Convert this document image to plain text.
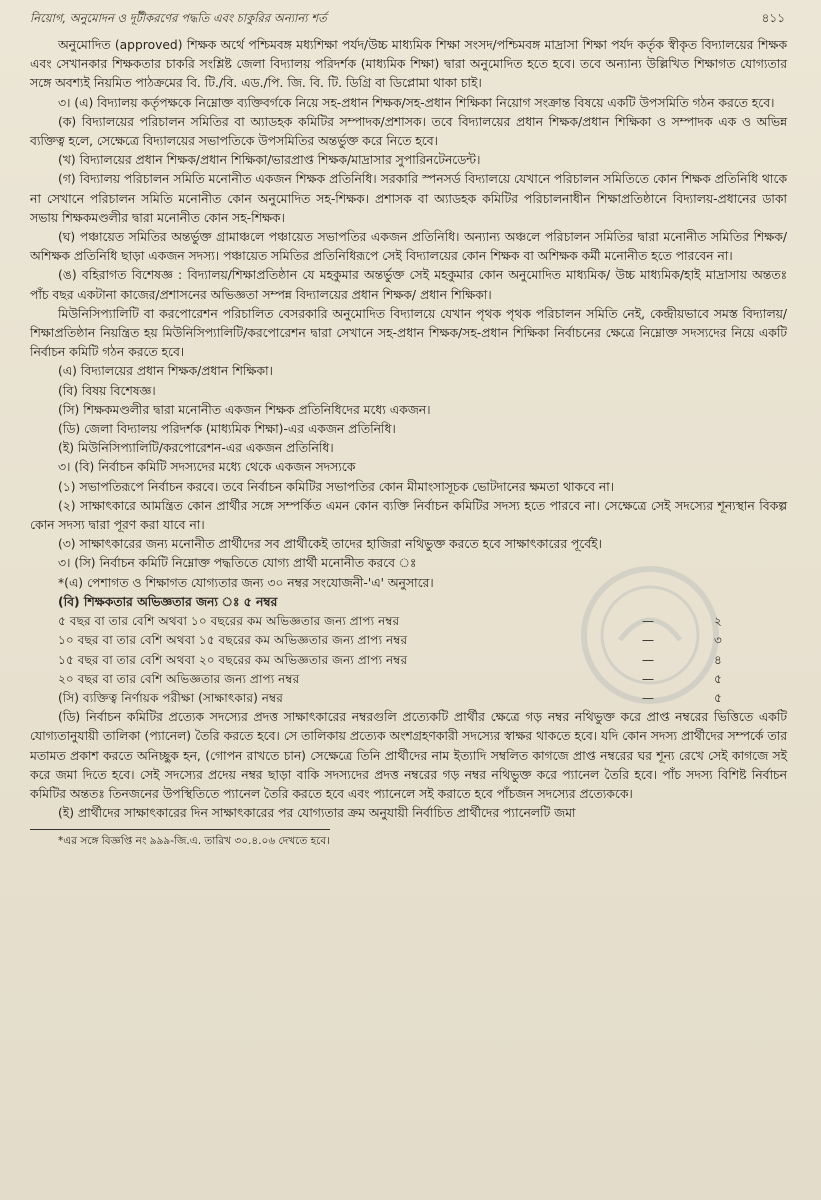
নিয়োগ, অনুমোদন ও দূটীকরণের পদ্ধতি এবং চাকুরির অন্যান্য শর্ত	৪১১

অনুমোদিত (approved) শিক্ষক অর্থে পশ্চিমবঙ্গ মধ্যশিক্ষা পর্যদ/উচ্চ মাধ্যমিক শিক্ষা সংসদ/পশ্চিমবঙ্গ মাদ্রাসা শিক্ষা পর্যদ কর্তৃক স্বীকৃত বিদ্যালয়ের শিক্ষক এবং সেখানকার শিক্ষকতার চাকরি সংশ্লিষ্ট জেলা বিদ্যালয় পরিদর্শক (মাধ্যমিক শিক্ষা) দ্বারা অনুমোদিত হতে হবে। তবে অন্যান্য উল্লিখিত শিক্ষাগত যোগ্যতার সঙ্গে অবশ্যই নিয়মিত পাঠক্রমের বি. টি./বি. এড./পি. জি. বি. টি. ডিগ্রি বা ডিপ্লোমা থাকা চাই।

৩। (এ) বিদ্যালয় কর্তৃপক্ষকে নিম্নোক্ত ব্যক্তিবর্গকে নিয়ে সহ-প্রধান শিক্ষক/সহ-প্রধান শিক্ষিকা নিয়োগ সংক্রান্ত বিষয়ে একটি উপসমিতি গঠন করতে হবে।

(ক) বিদ্যালয়ের পরিচালন সমিতির বা অ্যাডহক কমিটির সম্পাদক/প্রশাসক। তবে বিদ্যালয়ের প্রধান শিক্ষক/প্রধান শিক্ষিকা ও সম্পাদক এক ও অভিন্ন ব্যক্তিত্ব হলে, সেক্ষেত্রে বিদ্যালয়ের সভাপতিকে উপসমিতির অন্তর্ভুক্ত করে নিতে হবে।

(খ) বিদ্যালয়ের প্রধান শিক্ষক/প্রধান শিক্ষিকা/ভারপ্রাপ্ত শিক্ষক/মাদ্রাসার সুপারিনটেনডেন্ট।

(গ) বিদ্যালয় পরিচালন সমিতি মনোনীত একজন শিক্ষক প্রতিনিধি। সরকারি স্পনসর্ড বিদ্যালয়ে যেখানে পরিচালন সমিতিতে কোন শিক্ষক প্রতিনিধি থাকে না সেখানে পরিচালন সমিতি মনোনীত কোন অনুমোদিত সহ-শিক্ষক। প্রশাসক বা অ্যাডহক কমিটির পরিচালনাধীন শিক্ষাপ্রতিষ্ঠানে বিদ্যালয়-প্রধানের ডাকা সভায় শিক্ষকমণ্ডলীর দ্বারা মনোনীত কোন সহ-শিক্ষক।

(ঘ) পঞ্চায়েত সমিতির অন্তর্ভুক্ত গ্রামাঞ্চলে পঞ্চায়েত সভাপতির একজন প্রতিনিধি। অন্যান্য অঞ্চলে পরিচালন সমিতির দ্বারা মনোনীত সমিতির শিক্ষক/অশিক্ষক প্রতিনিধি ছাড়া একজন সদস্য। পঞ্চায়েত সমিতির প্রতিনিধিরূপে সেই বিদ্যালয়ের কোন শিক্ষক বা অশিক্ষক কর্মী মনোনীত হতে পারবেন না।

(ঙ) বহিরাগত বিশেষজ্ঞ : বিদ্যালয়/শিক্ষাপ্রতিষ্ঠান যে মহকুমার অন্তর্ভুক্ত সেই মহকুমার কোন অনুমোদিত মাধ্যমিক/ উচ্চ মাধ্যমিক/হাই মাদ্রাসায় অন্ততঃ পাঁচ বছর একটানা কাজের/প্রশাসনের অভিজ্ঞতা সম্পন্ন বিদ্যালয়ের প্রধান শিক্ষক/ প্রধান শিক্ষিকা।

মিউনিসিপ্যালিটি বা করপোরেশন পরিচালিত বেসরকারি অনুমোদিত বিদ্যালয়ে যেখান পৃথক পৃথক পরিচালন সমিতি নেই, কেন্দ্রীয়ভাবে সমস্ত বিদ্যালয়/শিক্ষাপ্রতিষ্ঠান নিয়ন্ত্রিত হয় মিউনিসিপ্যালিটি/করপোরেশন দ্বারা সেখানে সহ-প্রধান শিক্ষক/সহ-প্রধান শিক্ষিকা নির্বাচনের ক্ষেত্রে নিম্নোক্ত সদস্যদের নিয়ে একটি নির্বাচন কমিটি গঠন করতে হবে।

(এ) বিদ্যালয়ের প্রধান শিক্ষক/প্রধান শিক্ষিকা।

(বি) বিষয় বিশেষজ্ঞ।

(সি) শিক্ষকমণ্ডলীর দ্বারা মনোনীত একজন শিক্ষক প্রতিনিধিদের মধ্যে একজন।

(ডি) জেলা বিদ্যালয় পরিদর্শক (মাধ্যমিক শিক্ষা)-এর একজন প্রতিনিধি।

(ই) মিউনিসিপ্যালিটি/করপোরেশন-এর একজন প্রতিনিধি।

৩। (বি) নির্বাচন কমিটি সদস্যদের মধ্যে থেকে একজন সদস্যকে

(১) সভাপতিরূপে নির্বাচন করবে। তবে নির্বাচন কমিটির সভাপতির কোন মীমাংসাসূচক ভোটদানের ক্ষমতা থাকবে না।

(২) সাক্ষাৎকারে আমন্ত্রিত কোন প্রার্থীর সঙ্গে সম্পর্কিত এমন কোন ব্যক্তি নির্বাচন কমিটির সদস্য হতে পারবে না। সেক্ষেত্রে সেই সদস্যের শূন্যস্থান বিকল্প কোন সদস্য দ্বারা পূরণ করা যাবে না।

(৩) সাক্ষাৎকারের জন্য মনোনীত প্রার্থীদের সব প্রার্থীকেই তাদের হাজিরা নথিভুক্ত করতে হবে সাক্ষাৎকারের পূর্বেই।

৩। (সি) নির্বাচন কমিটি নিম্নোক্ত পদ্ধতিতে যোগ্য প্রার্থী মনোনীত করবে ঃ

*(এ) পেশাগত ও শিক্ষাগত যোগ্যতার জন্য ৩০ নম্বর সংযোজনী-'এ' অনুসারে।

(বি) শিক্ষকতার অভিজ্ঞতার জন্য ঃ ৫ নম্বর

৫ বছর বা তার বেশি অথবা ১০ বছরের কম অভিজ্ঞতার জন্য প্রাপ্য নম্বর	—	২
১০ বছর বা তার বেশি অথবা ১৫ বছরের কম অভিজ্ঞতার জন্য প্রাপ্য নম্বর	—	৩
১৫ বছর বা তার বেশি অথবা ২০ বছরের কম অভিজ্ঞতার জন্য প্রাপ্য নম্বর	—	৪
২০ বছর বা তার বেশি অভিজ্ঞতার জন্য প্রাপ্য নম্বর	—	৫
(সি) ব্যক্তিত্ব নির্ণায়ক পরীক্ষা (সাক্ষাৎকার) নম্বর	—	৫

(ডি) নির্বাচন কমিটির প্রত্যেক সদস্যের প্রদত্ত সাক্ষাৎকারের নম্বরগুলি প্রত্যেকটি প্রার্থীর ক্ষেত্রে গড় নম্বর নথিভুক্ত করে প্রাপ্ত নম্বরের ভিত্তিতে একটি যোগ্যতানুযায়ী তালিকা (প্যানেল) তৈরি করতে হবে। সে তালিকায় প্রত্যেক অংশগ্রহণকারী সদস্যের স্বাক্ষর থাকতে হবে। যদি কোন সদস্য প্রার্থীদের সম্পর্কে তার মতামত প্রকাশ করতে অনিচ্ছুক হন, (গোপন রাখতে চান) সেক্ষেত্রে তিনি প্রার্থীদের নাম ইত্যাদি সম্বলিত কাগজে প্রাপ্ত নম্বরের ঘর শূন্য রেখে সেই কাগজে সই করে জমা দিতে হবে। সেই সদস্যের প্রদেয় নম্বর ছাড়া বাকি সদস্যদের প্রদত্ত নম্বরের গড় নম্বর নথিভুক্ত করে প্যানেল তৈরি হবে। পাঁচ সদস্য বিশিষ্ট নির্বাচন কমিটির অন্ততঃ তিনজনের উপস্থিতিতে প্যানেল তৈরি করতে হবে এবং প্যানেলে সই করাতে হবে পাঁচজন সদস্যের প্রত্যেককে।

(ই) প্রার্থীদের সাক্ষাৎকারের দিন সাক্ষাৎকারের পর যোগ্যতার ক্রম অনুযায়ী নির্বাচিত প্রার্থীদের প্যানেলটি জমা

*এর সঙ্গে বিজ্ঞপ্তি নং ৯৯৯-জি.এ. তারিখ ৩০.৪.০৬ দেখতে হবে।
